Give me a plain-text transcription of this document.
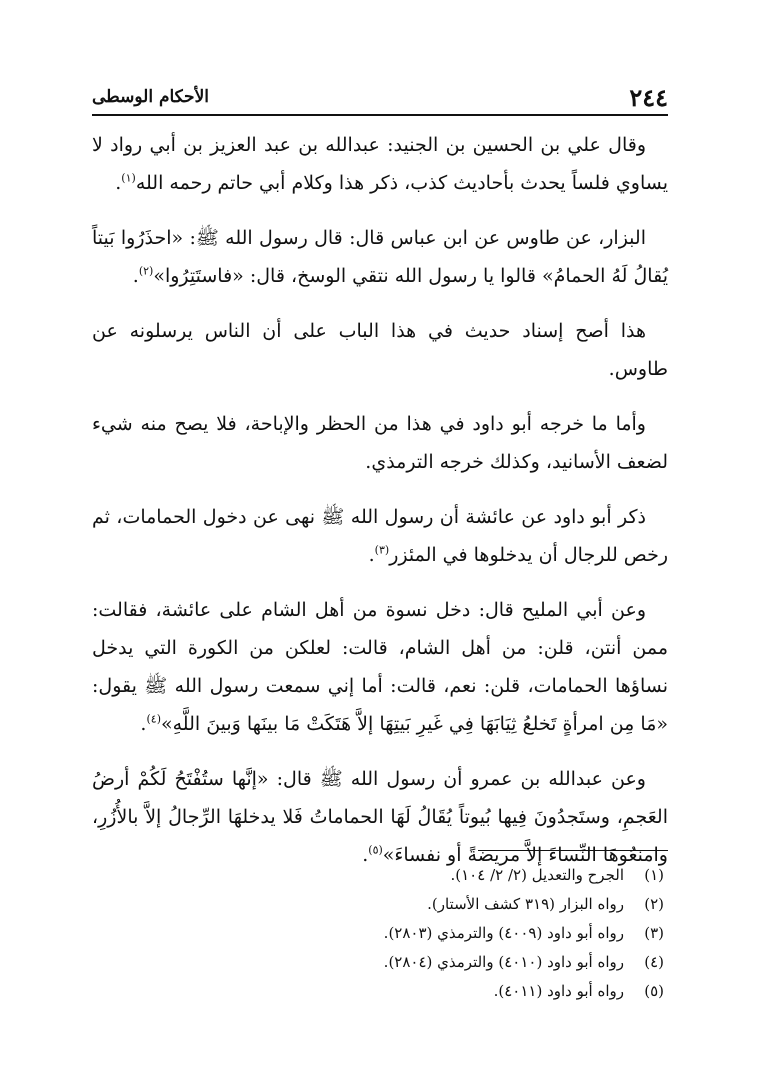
٢٤٤
الأحكام الوسطى

وقال علي بن الحسين بن الجنيد: عبدالله بن عبد العزيز بن أبي رواد لا يساوي فلساً يحدث بأحاديث كذب، ذكر هذا وكلام أبي حاتم رحمه الله$^{(١)}$.

البزار، عن طاوس عن ابن عباس قال: قال رسول الله ﷺ: «احذَرُوا بَيتاً يُقالُ لَهُ الحمامُ» قالوا يا رسول الله نتقي الوسخ، قال: «فاستَتِرُوا»$^{(٢)}$.

هذا أصح إسناد حديث في هذا الباب على أن الناس يرسلونه عن طاوس.

وأما ما خرجه أبو داود في هذا من الحظر والإباحة، فلا يصح منه شيء لضعف الأسانيد، وكذلك خرجه الترمذي.

ذكر أبو داود عن عائشة أن رسول الله ﷺ نهى عن دخول الحمامات، ثم رخص للرجال أن يدخلوها في المئزر$^{(٣)}$.

وعن أبي المليح قال: دخل نسوة من أهل الشام على عائشة، فقالت: ممن أنتن، قلن: من أهل الشام، قالت: لعلكن من الكورة التي يدخل نساؤها الحمامات، قلن: نعم، قالت: أما إني سمعت رسول الله ﷺ يقول: «مَا مِن امرأةٍ تَخلعُ ثِيَابَهَا فِي غَيرِ بَيتِهَا إلاَّ هَتَكَتْ مَا بينَها وَبينَ اللَّهِ»$^{(٤)}$.

وعن عبدالله بن عمرو أن رسول الله ﷺ قال: «إنَّها ستُفْتَحُ لَكُمْ أرضُ العَجمِ، وستَجدُونَ فِيها بُيوتاً يُقَالُ لَهَا الحماماتُ فَلا يدخلهَا الرِّجالُ إلاَّ بالأُزُرِ، وامنعُوهَا النِّساءَ إلاَّ مريضةً أو نفساءَ»$^{(٥)}$.

(١)
الجرح والتعديل (٢/ ٢/ ١٠٤).
(٢)
رواه البزار (٣١٩ كشف الأستار).
(٣)
رواه أبو داود (٤٠٠٩) والترمذي (٢٨٠٣).
(٤)
رواه أبو داود (٤٠١٠) والترمذي (٢٨٠٤).
(٥)
رواه أبو داود (٤٠١١).
